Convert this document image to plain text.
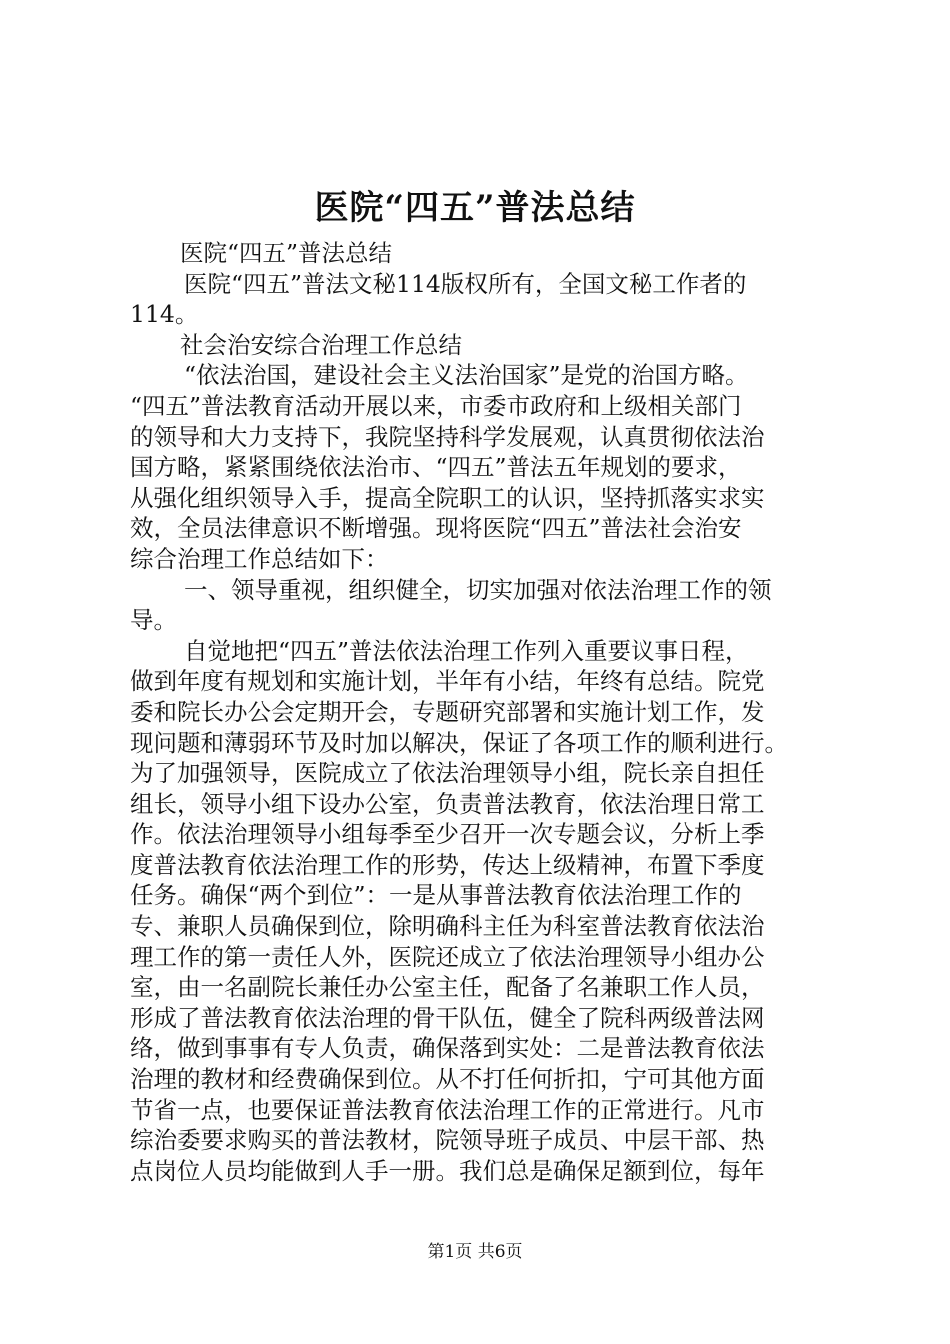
医院“四五”普法总结
医院“四五”普法总结
医院“四五”普法文秘114版权所有，全国文秘工作者的
114。
社会治安综合治理工作总结
“依法治国，建设社会主义法治国家”是党的治国方略。
“四五”普法教育活动开展以来，市委市政府和上级相关部门
的领导和大力支持下，我院坚持科学发展观，认真贯彻依法治
国方略，紧紧围绕依法治市、“四五”普法五年规划的要求，
从强化组织领导入手，提高全院职工的认识，坚持抓落实求实
效，全员法律意识不断增强。现将医院“四五”普法社会治安
综合治理工作总结如下：
一、领导重视，组织健全，切实加强对依法治理工作的领
导。
自觉地把“四五”普法依法治理工作列入重要议事日程，
做到年度有规划和实施计划，半年有小结，年终有总结。院党
委和院长办公会定期开会，专题研究部署和实施计划工作，发
现问题和薄弱环节及时加以解决，保证了各项工作的顺利进行。
为了加强领导，医院成立了依法治理领导小组，院长亲自担任
组长，领导小组下设办公室，负责普法教育，依法治理日常工
作。依法治理领导小组每季至少召开一次专题会议，分析上季
度普法教育依法治理工作的形势，传达上级精神，布置下季度
任务。确保“两个到位”：一是从事普法教育依法治理工作的
专、兼职人员确保到位，除明确科主任为科室普法教育依法治
理工作的第一责任人外，医院还成立了依法治理领导小组办公
室，由一名副院长兼任办公室主任，配备了名兼职工作人员，
形成了普法教育依法治理的骨干队伍，健全了院科两级普法网
络，做到事事有专人负责，确保落到实处：二是普法教育依法
治理的教材和经费确保到位。从不打任何折扣，宁可其他方面
节省一点，也要保证普法教育依法治理工作的正常进行。凡市
综治委要求购买的普法教材，院领导班子成员、中层干部、热
点岗位人员均能做到人手一册。我们总是确保足额到位，每年
第1页 共6页
